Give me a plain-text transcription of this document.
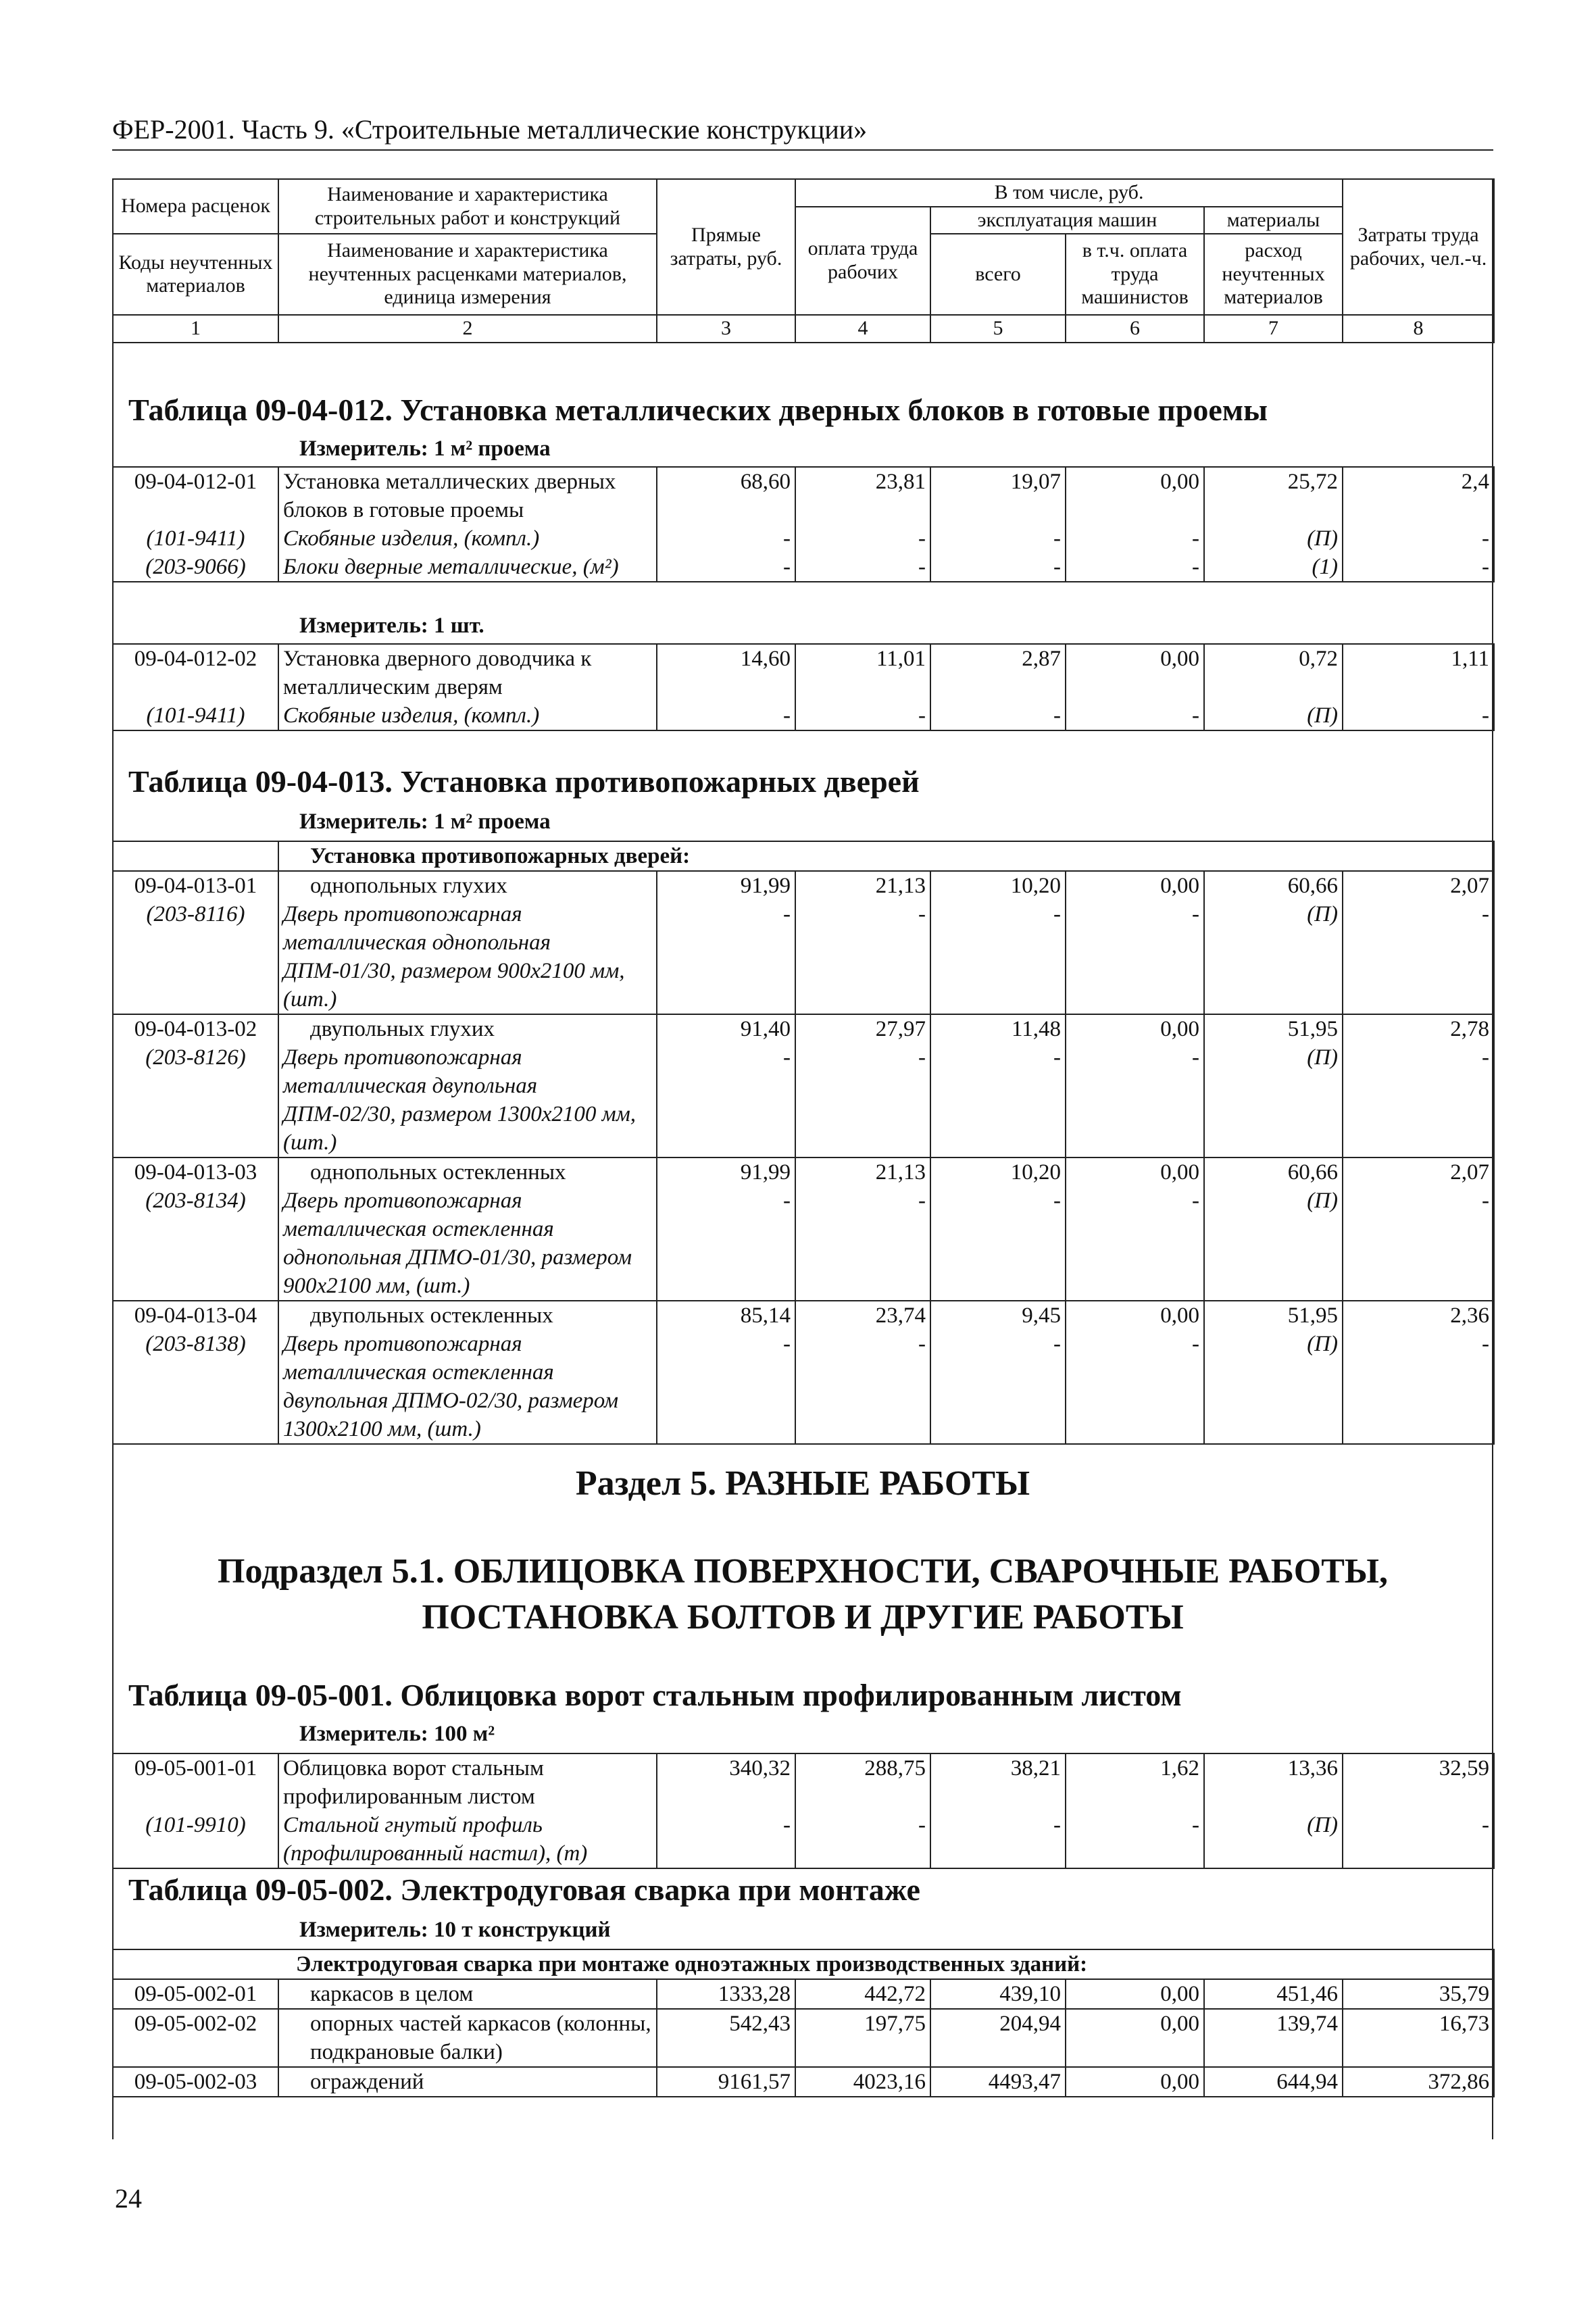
ФЕР-2001. Часть 9. «Строительные металлические конструкции»
Номера расценок	Наименование и характеристика строительных работ и конструкций	Прямые затраты, руб.	В том числе, руб.				Затраты труда рабочих, чел.-ч.
			оплата труда рабочих	эксплуатация машин		материалы	
Коды неучтенных материалов	Наименование и характеристика неучтенных расценками материалов, единица измерения			всего	в т.ч. оплата труда машинистов	расход неучтенных материалов	

1	2	3	4	5	6	7	8
Таблица 09-04-012. Установка металлических дверных блоков в готовые проемы
Измеритель: 1 м² проема
09-04-012-01	Установка металлических дверных блоков в готовые проемы	68,60	23,81	19,07	0,00	25,72	2,4
(101-9411)	Скобяные изделия, (компл.)	-	-	-	-	(П)	-
(203-9066)	Блоки дверные металлические, (м²)	-	-	-	-	(1)	-
Измеритель: 1 шт.
09-04-012-02	Установка дверного доводчика к металлическим дверям	14,60	11,01	2,87	0,00	0,72	1,11
(101-9411)	Скобяные изделия, (компл.)	-	-	-	-	(П)	-
Таблица 09-04-013. Установка противопожарных дверей
Измеритель: 1 м² проема
	Установка противопожарных дверей:						
09-04-013-01	однопольных глухих	91,99	21,13	10,20	0,00	60,66	2,07
(203-8116)	Дверь противопожарная металлическая однопольная ДПМ-01/30, размером 900х2100 мм, (шт.)	-	-	-	-	(П)	-
09-04-013-02	двупольных глухих	91,40	27,97	11,48	0,00	51,95	2,78
(203-8126)	Дверь противопожарная металлическая двупольная ДПМ-02/30, размером 1300х2100 мм, (шт.)	-	-	-	-	(П)	-
09-04-013-03	однопольных остекленных	91,99	21,13	10,20	0,00	60,66	2,07
(203-8134)	Дверь противопожарная металлическая остекленная однопольная ДПМО-01/30, размером 900х2100 мм, (шт.)	-	-	-	-	(П)	-
09-04-013-04	двупольных остекленных	85,14	23,74	9,45	0,00	51,95	2,36
(203-8138)	Дверь противопожарная металлическая остекленная двупольная ДПМО-02/30, размером 1300х2100 мм, (шт.)	-	-	-	-	(П)	-
Раздел 5. РАЗНЫЕ РАБОТЫ
Подраздел 5.1. ОБЛИЦОВКА ПОВЕРХНОСТИ, СВАРОЧНЫЕ РАБОТЫ, ПОСТАНОВКА БОЛТОВ И ДРУГИЕ РАБОТЫ
Таблица 09-05-001. Облицовка ворот стальным профилированным листом
Измеритель: 100 м²
09-05-001-01	Облицовка ворот стальным профилированным листом	340,32	288,75	38,21	1,62	13,36	32,59
(101-9910)	Стальной гнутый профиль (профилированный настил), (т)	-	-	-	-	(П)	-
Таблица 09-05-002. Электродуговая сварка при монтаже
Измеритель: 10 т конструкций
Электродуговая сварка при монтаже одноэтажных производственных зданий:							
09-05-002-01	каркасов в целом	1333,28	442,72	439,10	0,00	451,46	35,79
09-05-002-02	опорных частей каркасов (колонны, подкрановые балки)	542,43	197,75	204,94	0,00	139,74	16,73
09-05-002-03	ограждений	9161,57	4023,16	4493,47	0,00	644,94	372,86
24
